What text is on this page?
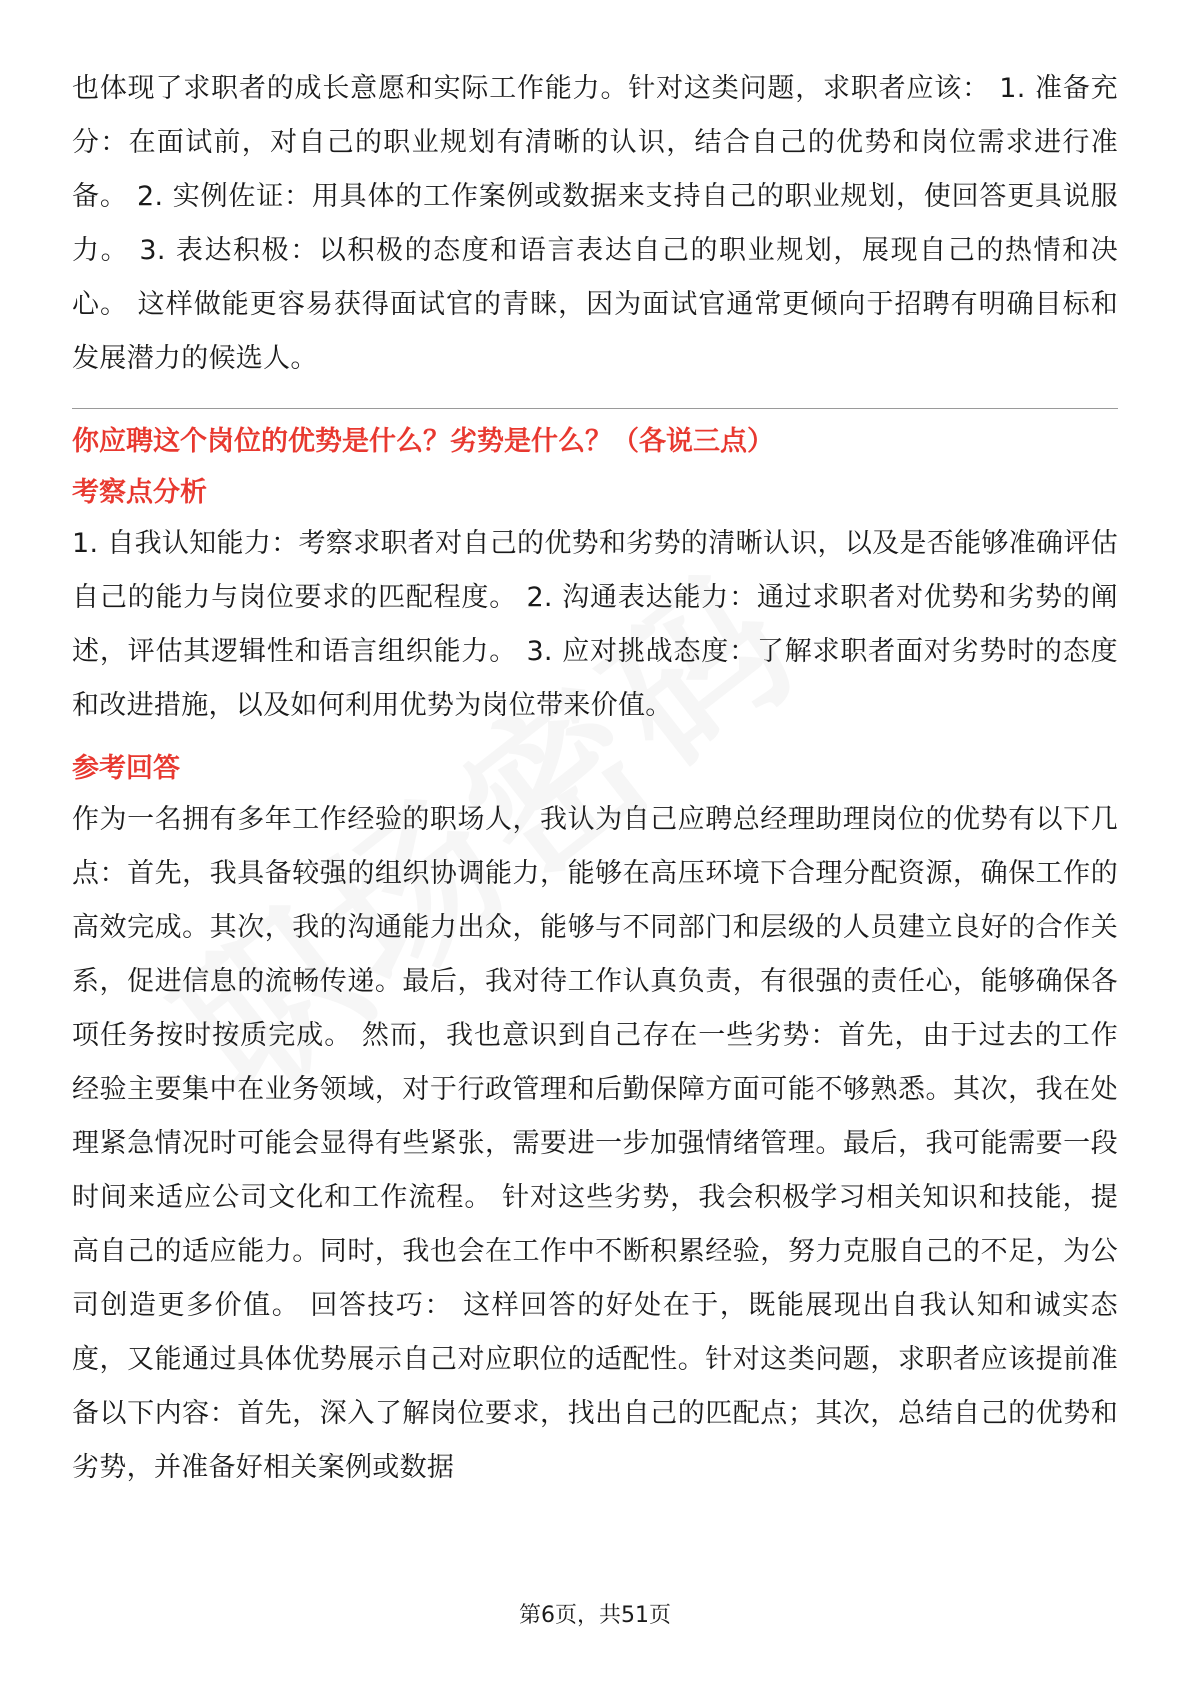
也体现了求职者的成长意愿和实际工作能力。针对这类问题，求职者应该： 1. 准备充分：在面试前，对自己的职业规划有清晰的认识，结合自己的优势和岗位需求进行准备。 2. 实例佐证：用具体的工作案例或数据来支持自己的职业规划，使回答更具说服力。 3. 表达积极：以积极的态度和语言表达自己的职业规划，展现自己的热情和决心。 这样做能更容易获得面试官的青睐，因为面试官通常更倾向于招聘有明确目标和发展潜力的候选人。

你应聘这个岗位的优势是什么？劣势是什么？（各说三点）

考察点分析

1. 自我认知能力：考察求职者对自己的优势和劣势的清晰认识，以及是否能够准确评估自己的能力与岗位要求的匹配程度。 2. 沟通表达能力：通过求职者对优势和劣势的阐述，评估其逻辑性和语言组织能力。 3. 应对挑战态度：了解求职者面对劣势时的态度和改进措施，以及如何利用优势为岗位带来价值。

参考回答

作为一名拥有多年工作经验的职场人，我认为自己应聘总经理助理岗位的优势有以下几点：首先，我具备较强的组织协调能力，能够在高压环境下合理分配资源，确保工作的高效完成。其次，我的沟通能力出众，能够与不同部门和层级的人员建立良好的合作关系，促进信息的流畅传递。最后，我对待工作认真负责，有很强的责任心，能够确保各项任务按时按质完成。 然而，我也意识到自己存在一些劣势：首先，由于过去的工作经验主要集中在业务领域，对于行政管理和后勤保障方面可能不够熟悉。其次，我在处理紧急情况时可能会显得有些紧张，需要进一步加强情绪管理。最后，我可能需要一段时间来适应公司文化和工作流程。 针对这些劣势，我会积极学习相关知识和技能，提高自己的适应能力。同时，我也会在工作中不断积累经验，努力克服自己的不足，为公司创造更多价值。 回答技巧： 这样回答的好处在于，既能展现出自我认知和诚实态度，又能通过具体优势展示自己对应职位的适配性。针对这类问题，求职者应该提前准备以下内容：首先，深入了解岗位要求，找出自己的匹配点；其次，总结自己的优势和劣势，并准备好相关案例或数据

第6页，共51页
